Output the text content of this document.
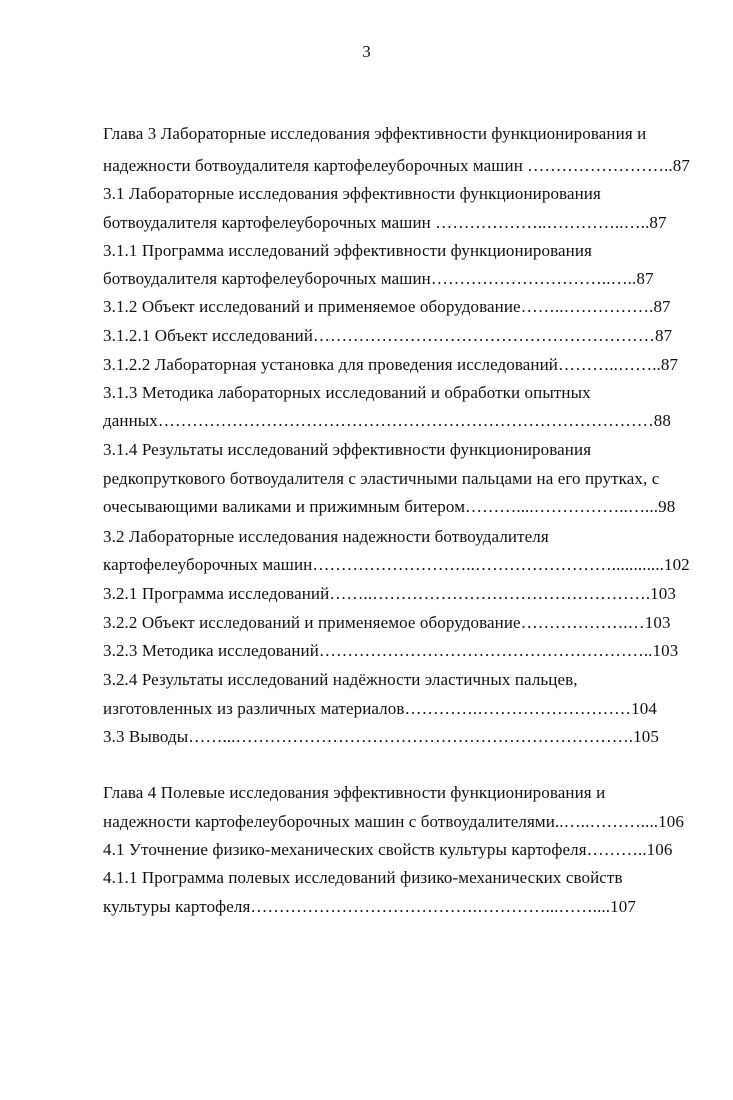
3
Глава 3 Лабораторные исследования эффективности функционирования и
надежности ботвоудалителя картофелеуборочных машин ……………………..87
3.1 Лабораторные исследования эффективности функционирования
ботвоудалителя картофелеуборочных машин ………………..…………..…..87
3.1.1 Программа исследований эффективности функционирования
ботвоудалителя картофелеуборочных машин…………………………..…..87
3.1.2 Объект исследований и применяемое оборудование……..…………….87
3.1.2.1 Объект исследований……………………………………………………87
3.1.2.2 Лабораторная установка для проведения исследований………..……..87
3.1.3 Методика лабораторных исследований и обработки опытных
данных……………………………………………………………………………88
3.1.4 Результаты исследований эффективности функционирования
редкопруткового ботвоудалителя с эластичными пальцами на его прутках, с
очесывающими валиками и прижимным битером………....……………..…...98
3.2 Лабораторные исследования надежности ботвоудалителя
картофелеуборочных машин………………………..……………………............102
3.2.1 Программа исследований……..………………………………………….103
3.2.2 Объект исследований и применяемое оборудование……………….…103
3.2.3 Методика исследований…………………………………………………..103
3.2.4 Результаты исследований надёжности эластичных пальцев,
изготовленных из различных материалов………….………………………104
3.3 Выводы……...…………………………………………………………….105
Глава 4 Полевые исследования эффективности функционирования и
надежности картофелеуборочных машин с ботвоудалителями..…..………....106
4.1 Уточнение физико-механических свойств культуры картофеля………..106
4.1.1 Программа полевых исследований физико-механических свойств
культуры картофеля………………………………….…………...……....107
